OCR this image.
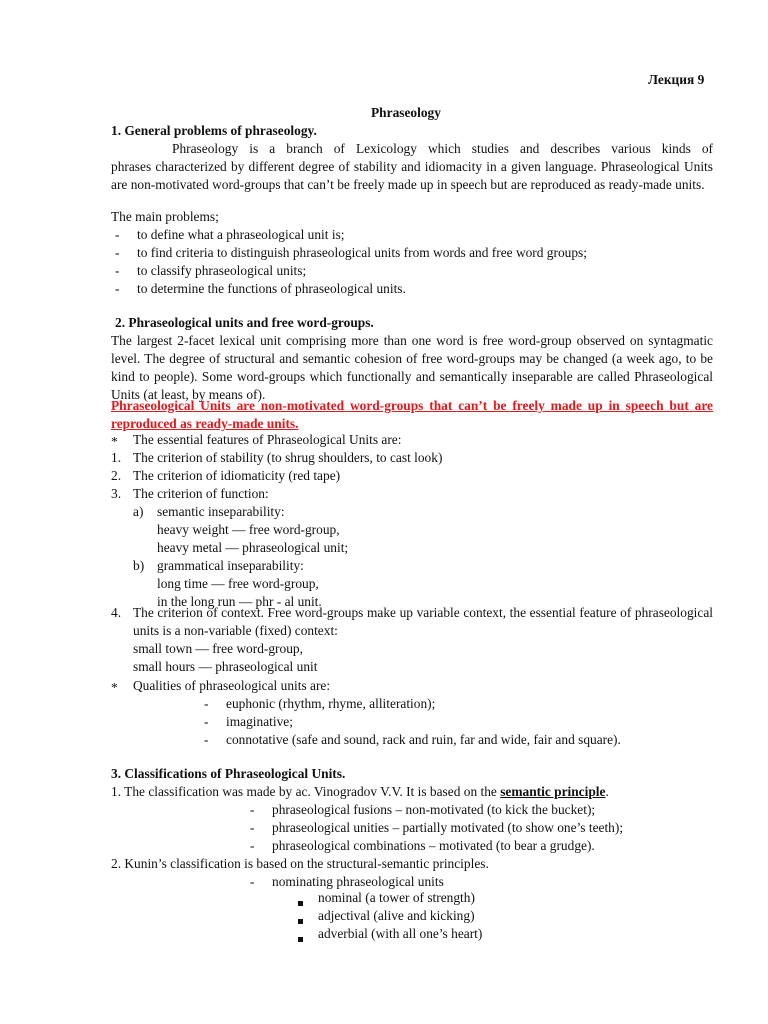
Лекция 9
Phraseology
1. General problems of phraseology.
Phraseology is a branch of Lexicology which studies and describes various kinds of
phrases characterized by different degree of stability and idiomacity in a given language. Phraseological Units are non-motivated word-groups that can’t be freely made up in speech but are reproduced as ready-made units.
The main problems;
- to define what a phraseological unit is;
- to find criteria to distinguish phraseological units from words and free word groups;
- to classify phraseological units;
- to determine the functions of phraseological units.
2. Phraseological units and free word-groups.
The largest 2-facet lexical unit comprising more than one word is free word-group observed on syntagmatic level. The degree of structural and semantic cohesion of free word-groups may be changed (a week ago, to be kind to people). Some word-groups which functionally and semantically inseparable are called Phraseological Units (at least, by means of).
Phraseological Units are non-motivated word-groups that can’t be freely made up in speech but are reproduced as ready-made units.
* The essential features of Phraseological Units are:
1. The criterion of stability (to shrug shoulders, to cast look)
2. The criterion of idiomaticity (red tape)
3. The criterion of function:
a) semantic inseparability:
heavy weight — free word-group,
heavy metal — phraseological unit;
b) grammatical inseparability:
long time — free word-group,
in the long run — phr - al unit.
4. The criterion of context. Free word-groups make up variable context, the essential feature of phraseological units is a non-variable (fixed) context:
small town — free word-group,
small hours — phraseological unit
* Qualities of phraseological units are:
- euphonic (rhythm, rhyme, alliteration);
- imaginative;
- connotative (safe and sound, rack and ruin, far and wide, fair and square).
3. Classifications of Phraseological Units.
1. The classification was made by ac. Vinogradov V.V. It is based on the semantic principle.
- phraseological fusions – non-motivated (to kick the bucket);
- phraseological unities – partially motivated (to show one’s teeth);
- phraseological combinations – motivated (to bear a grudge).
2. Kunin’s classification is based on the structural-semantic principles.
- nominating phraseological units
nominal (a tower of strength)
adjectival (alive and kicking)
adverbial (with all one’s heart)
